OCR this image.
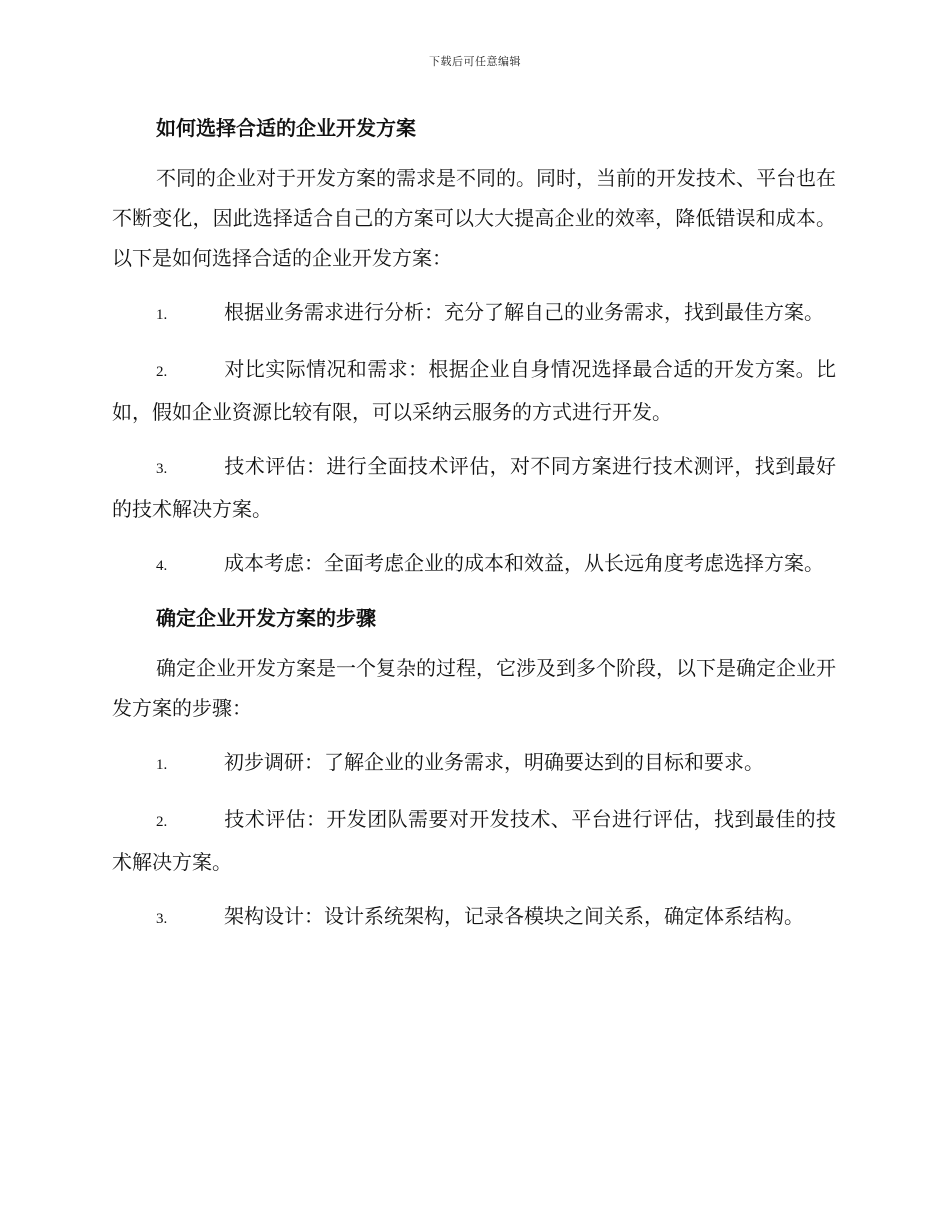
下载后可任意编辑
如何选择合适的企业开发方案

不同的企业对于开发方案的需求是不同的。同时，当前的开发技术、平台也在不断变化，因此选择适合自己的方案可以大大提高企业的效率，降低错误和成本。以下是如何选择合适的企业开发方案：

1.	根据业务需求进行分析：充分了解自己的业务需求，找到最佳方案。
2.	对比实际情况和需求：根据企业自身情况选择最合适的开发方案。比如，假如企业资源比较有限，可以采纳云服务的方式进行开发。
3.	技术评估：进行全面技术评估，对不同方案进行技术测评，找到最好的技术解决方案。
4.	成本考虑：全面考虑企业的成本和效益，从长远角度考虑选择方案。
确定企业开发方案的步骤

确定企业开发方案是一个复杂的过程，它涉及到多个阶段，以下是确定企业开发方案的步骤：

1.	初步调研：了解企业的业务需求，明确要达到的目标和要求。
2.	技术评估：开发团队需要对开发技术、平台进行评估，找到最佳的技术解决方案。
3.	架构设计：设计系统架构，记录各模块之间关系，确定体系结构。
